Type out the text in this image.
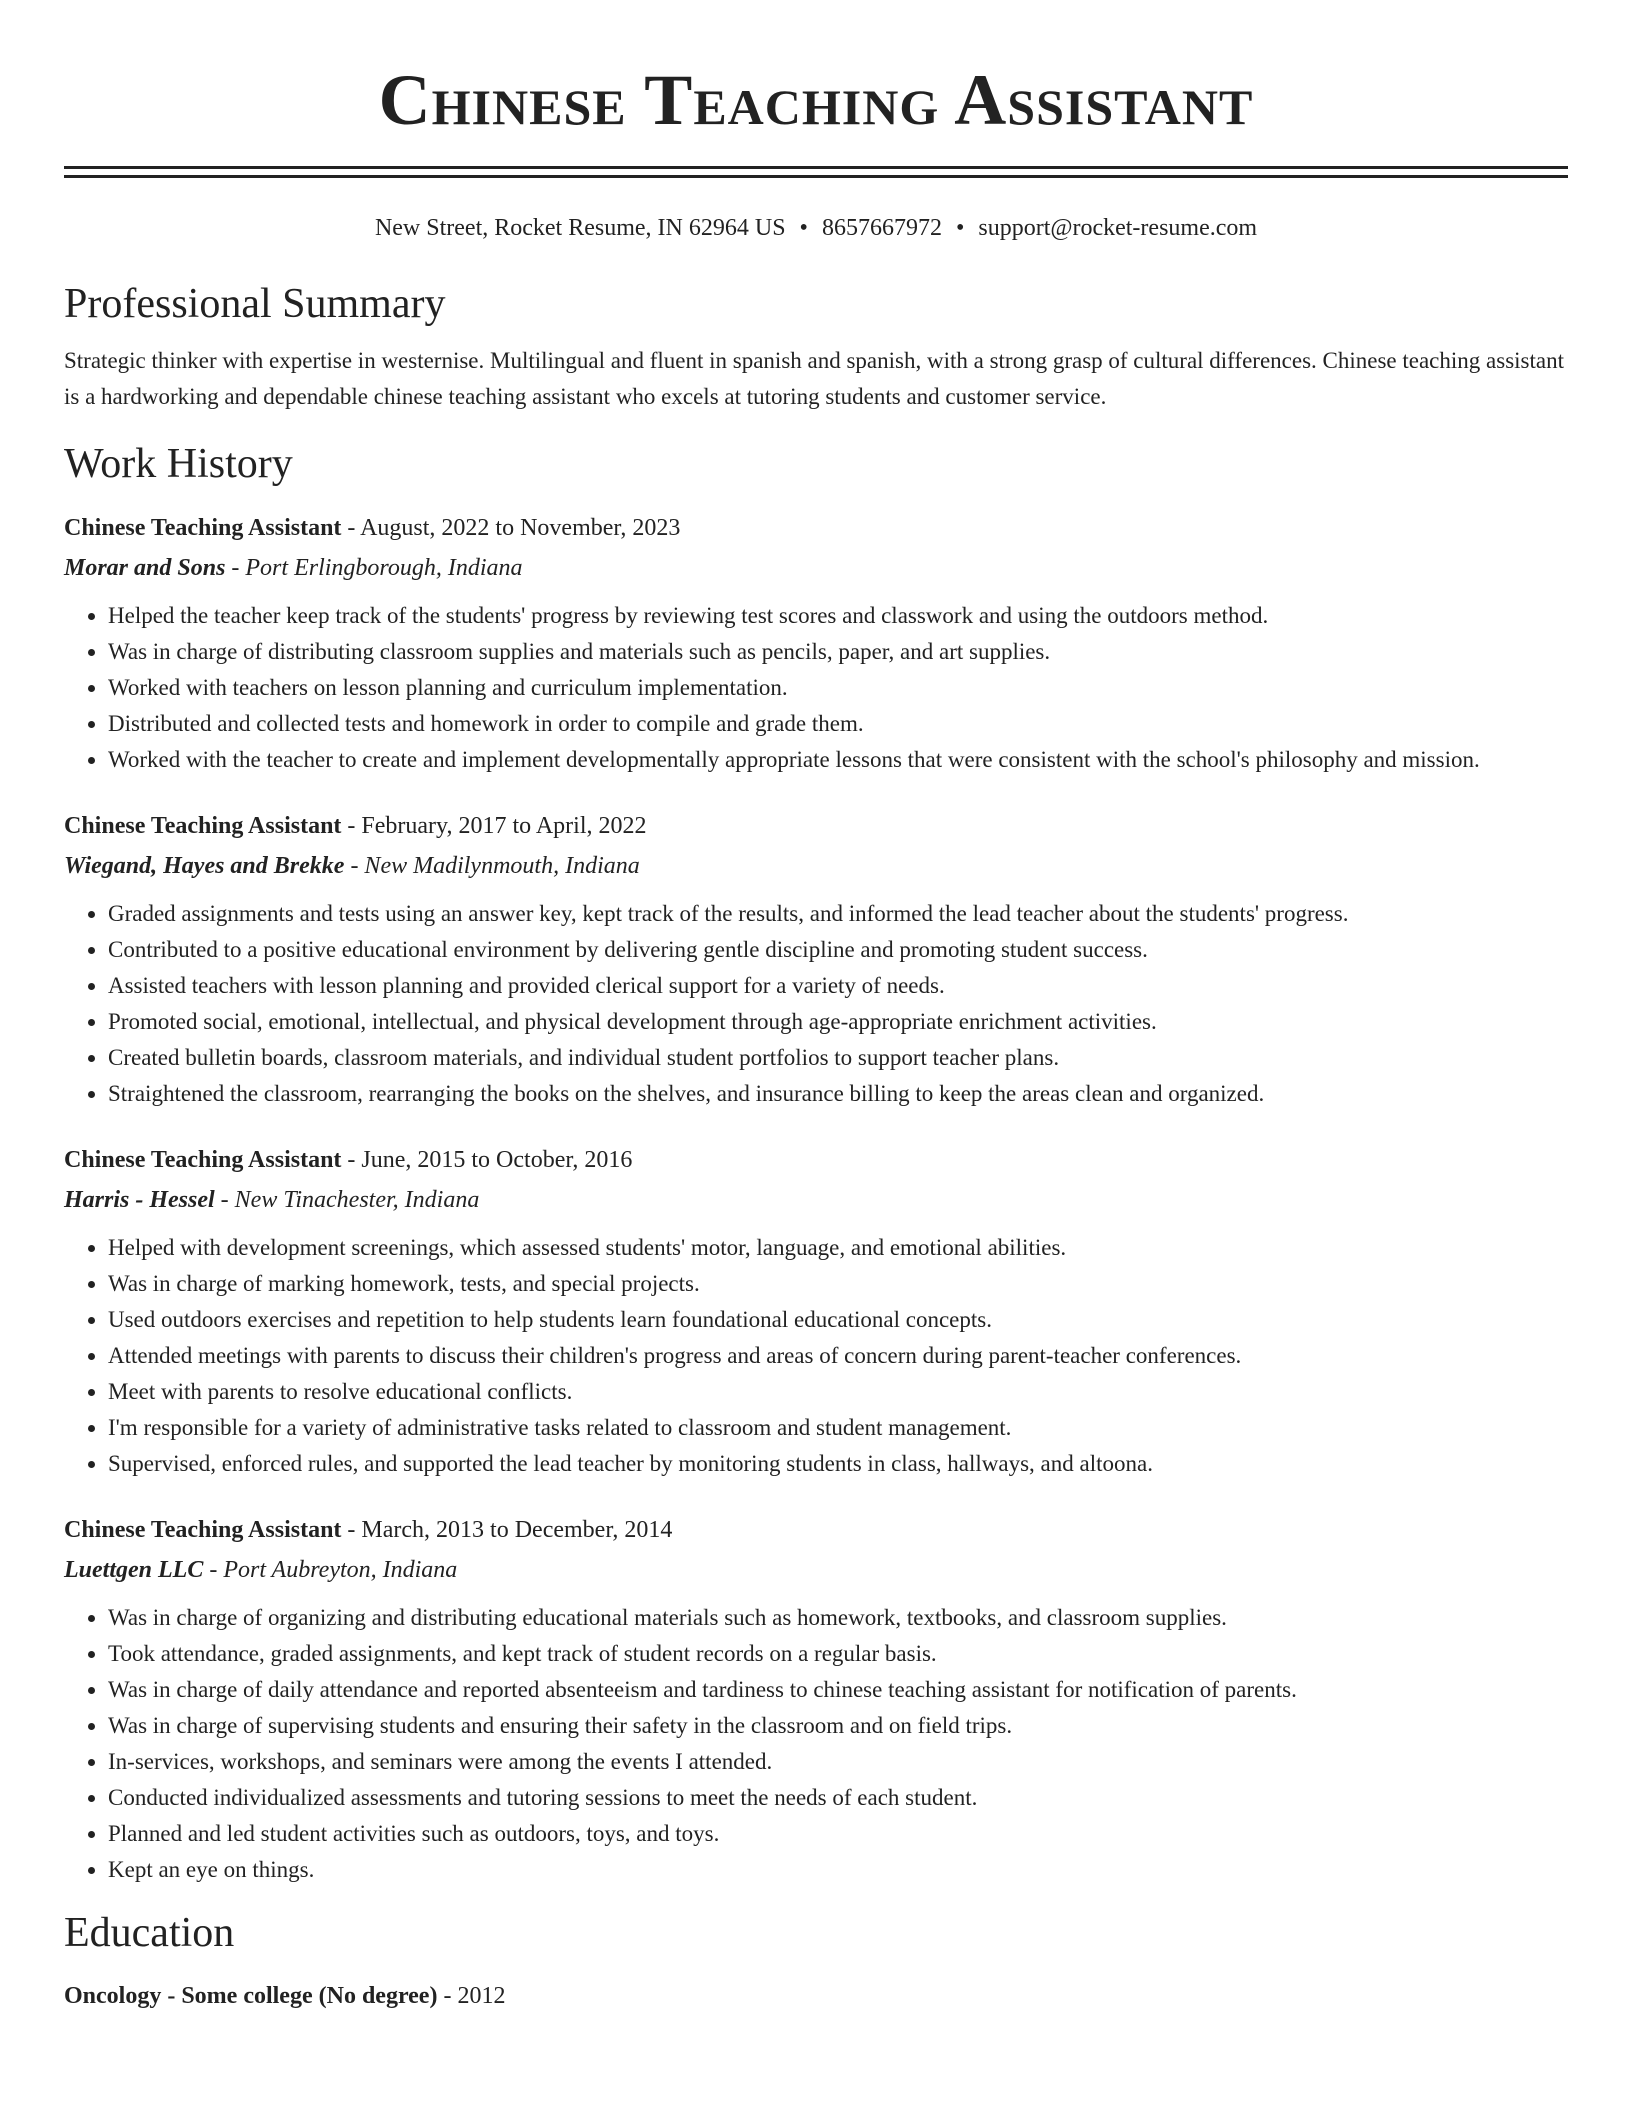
Chinese Teaching Assistant
New Street, Rocket Resume, IN 62964 US • 8657667972 • support@rocket-resume.com
Professional Summary
Strategic thinker with expertise in westernise. Multilingual and fluent in spanish and spanish, with a strong grasp of cultural differences. Chinese teaching assistant is a hardworking and dependable chinese teaching assistant who excels at tutoring students and customer service.
Work History
Chinese Teaching Assistant - August, 2022 to November, 2023
Morar and Sons - Port Erlingborough, Indiana
• Helped the teacher keep track of the students' progress by reviewing test scores and classwork and using the outdoors method.
• Was in charge of distributing classroom supplies and materials such as pencils, paper, and art supplies.
• Worked with teachers on lesson planning and curriculum implementation.
• Distributed and collected tests and homework in order to compile and grade them.
• Worked with the teacher to create and implement developmentally appropriate lessons that were consistent with the school's philosophy and mission.
Chinese Teaching Assistant - February, 2017 to April, 2022
Wiegand, Hayes and Brekke - New Madilynmouth, Indiana
• Graded assignments and tests using an answer key, kept track of the results, and informed the lead teacher about the students' progress.
• Contributed to a positive educational environment by delivering gentle discipline and promoting student success.
• Assisted teachers with lesson planning and provided clerical support for a variety of needs.
• Promoted social, emotional, intellectual, and physical development through age-appropriate enrichment activities.
• Created bulletin boards, classroom materials, and individual student portfolios to support teacher plans.
• Straightened the classroom, rearranging the books on the shelves, and insurance billing to keep the areas clean and organized.
Chinese Teaching Assistant - June, 2015 to October, 2016
Harris - Hessel - New Tinachester, Indiana
• Helped with development screenings, which assessed students' motor, language, and emotional abilities.
• Was in charge of marking homework, tests, and special projects.
• Used outdoors exercises and repetition to help students learn foundational educational concepts.
• Attended meetings with parents to discuss their children's progress and areas of concern during parent-teacher conferences.
• Meet with parents to resolve educational conflicts.
• I'm responsible for a variety of administrative tasks related to classroom and student management.
• Supervised, enforced rules, and supported the lead teacher by monitoring students in class, hallways, and altoona.
Chinese Teaching Assistant - March, 2013 to December, 2014
Luettgen LLC - Port Aubreyton, Indiana
• Was in charge of organizing and distributing educational materials such as homework, textbooks, and classroom supplies.
• Took attendance, graded assignments, and kept track of student records on a regular basis.
• Was in charge of daily attendance and reported absenteeism and tardiness to chinese teaching assistant for notification of parents.
• Was in charge of supervising students and ensuring their safety in the classroom and on field trips.
• In-services, workshops, and seminars were among the events I attended.
• Conducted individualized assessments and tutoring sessions to meet the needs of each student.
• Planned and led student activities such as outdoors, toys, and toys.
• Kept an eye on things.
Education
Oncology - Some college (No degree) - 2012
